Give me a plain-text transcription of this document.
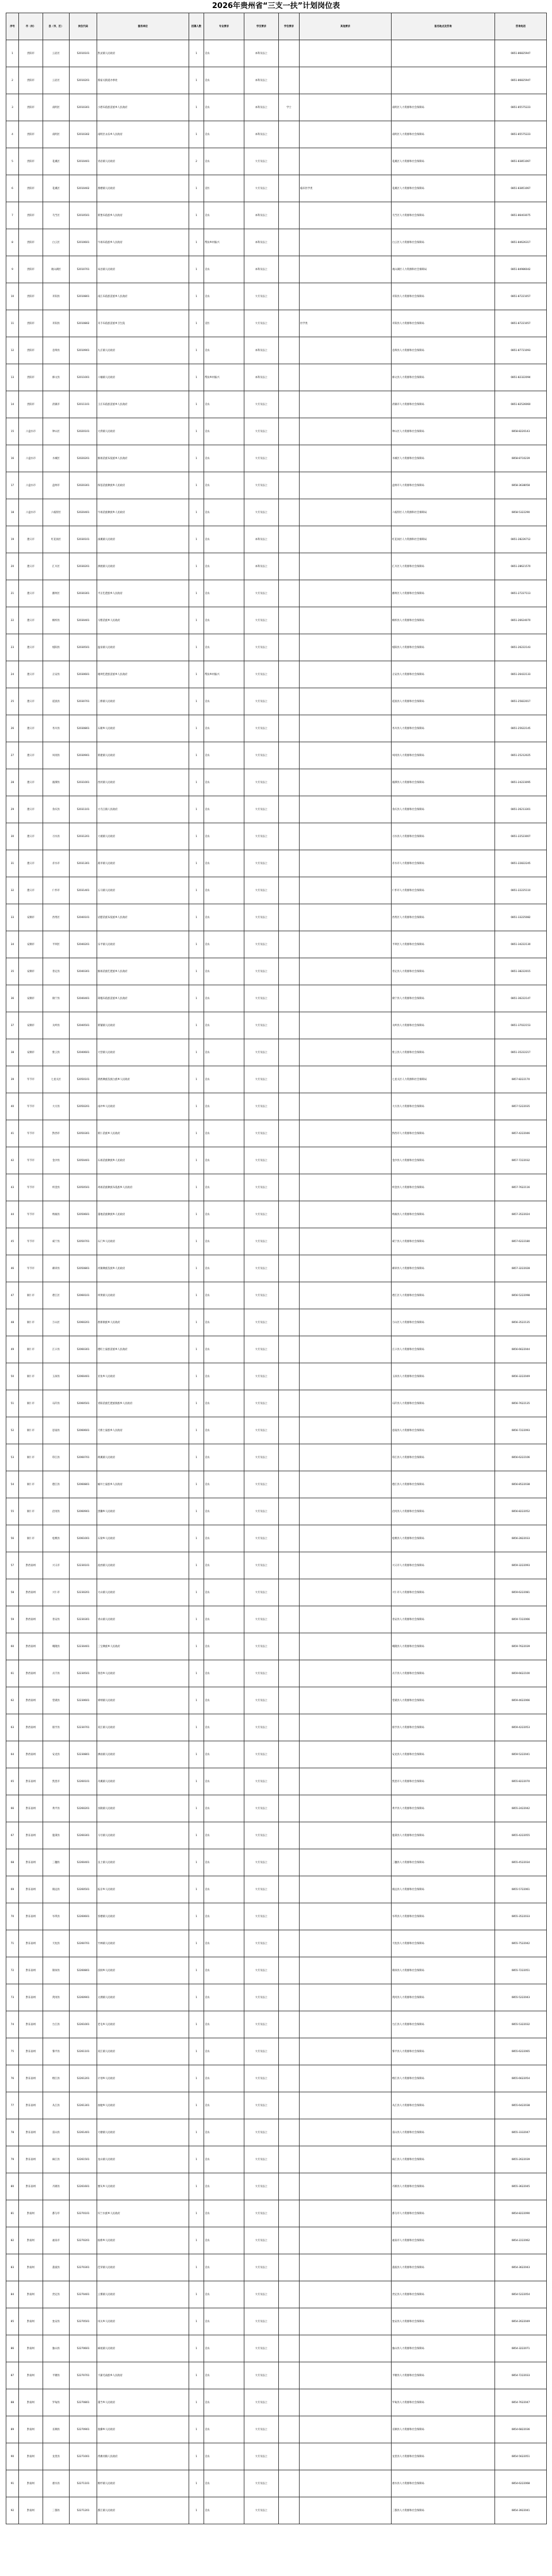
2026年贵州省“三支一扶”计划岗位表
序号	市（州）	县（市、区）	岗位代码	服务单位	招募人数	专业要求	学历要求	学位要求	其他要求	报名地点及咨询	咨询电话
1	贵阳市	云岩区	52010101	黔灵镇人民政府	1	支农	本科及以上				0851-86825947
2	贵阳市	云岩区	52010201	蔡家关街道办事处	1	支农	本科及以上				0851-86825947
3	贵阳市	南明区	52010301	小碧布依族苗族乡人民政府	1	支农	本科及以上	学士		南明区人力资源和社会保障局	0851-85575223
4	贵阳市	南明区	52010302	南明区永乐乡人民政府	1	支农	本科及以上			南明区人力资源和社会保障局	0851-85575223
5	贵阳市	花溪区	52010401	青岩镇人民政府	2	支农	大专及以上			花溪区人力资源和社会保障局	0851-83851067
6	贵阳市	花溪区	52010402	燕楼镇人民政府	1	支医	大专及以上		临床医学类	花溪区人力资源和社会保障局	0851-83851067
7	贵阳市	乌当区	52010501	新堡布依族乡人民政府	1	支农	本科及以上			乌当区人力资源和社会保障局	0851-86403075
8	贵阳市	白云区	52010601	牛场布依族乡人民政府	1	帮扶乡村振兴	本科及以上			白云区人力资源和社会保障局	0851-84626317
9	贵阳市	观山湖区	52010701	朱昌镇人民政府	1	支农	本科及以上			观山湖区人力资源和社会保障局	0851-84986042
10	贵阳市	开阳县	52010801	南江布依族苗族乡人民政府	1	支农	大专及以上			开阳县人力资源和社会保障局	0851-87221057
11	贵阳市	开阳县	52010802	禾丰布依族苗族乡卫生院	1	支医	大专及以上		医学类	开阳县人力资源和社会保障局	0851-87221057
12	贵阳市	息烽县	52010901	九庄镇人民政府	1	支农	本科及以上			息烽县人力资源和社会保障局	0851-87721093
13	贵阳市	修文县	52011001	六桶镇人民政府	1	帮扶乡村振兴	本科及以上			修文县人力资源和社会保障局	0851-82322094
14	贵阳市	清镇市	52011101	王庄布依族苗族乡人民政府	1	支农	大专及以上			清镇市人力资源和社会保障局	0851-82526060
15	六盘水市	钟山区	52020101	大湾镇人民政府	1	支农	大专及以上			钟山区人力资源和社会保障局	0858-8220143
16	六盘水市	水城区	52020201	猴场苗族布依族乡人民政府	1	支农	大专及以上			水城区人力资源和社会保障局	0858-8710239
17	六盘水市	盘州市	52020301	保基苗族彝族乡人民政府	1	支农	大专及以上			盘州市人力资源和社会保障局	0858-3638058
18	六盘水市	六枝特区	52020401	牛场苗族彝族乡人民政府	1	支农	大专及以上			六枝特区人力资源和社会保障局	0858-5322290
19	遵义市	红花岗区	52030101	深溪镇人民政府	1	支农	本科及以上			红花岗区人力资源和社会保障局	0851-28226712
20	遵义市	汇川区	52030201	泗渡镇人民政府	1	支农	本科及以上			汇川区人力资源和社会保障局	0851-28621570
21	遵义市	播州区	52030301	平正仡佬族乡人民政府	1	支农	大专及以上			播州区人力资源和社会保障局	0851-27227113
22	遵义市	桐梓县	52030401	马鬃苗族乡人民政府	1	支农	大专及以上			桐梓县人力资源和社会保障局	0851-26624070
23	遵义市	绥阳县	52030501	温泉镇人民政府	1	支农	大专及以上			绥阳县人力资源和社会保障局	0851-26222143
24	遵义市	正安县	52030601	谢坝仡佬族苗族乡人民政府	1	帮扶乡村振兴	大专及以上			正安县人力资源和社会保障局	0851-26422133
25	遵义市	道真县	52030701	三桥镇人民政府	1	支农	大专及以上			道真县人力资源和社会保障局	0851-25822017
26	遵义市	务川县	52030801	石朝乡人民政府	1	支农	大专及以上			务川县人力资源和社会保障局	0851-25622145
27	遵义市	凤冈县	52030901	新建镇人民政府	1	支农	大专及以上			凤冈县人力资源和社会保障局	0851-25212025
28	遵义市	湄潭县	52031001	西河镇人民政府	1	支农	大专及以上			湄潭县人力资源和社会保障局	0851-24223095
29	遵义市	余庆县	52031101	大乌江镇人民政府	1	支农	大专及以上			余庆县人力资源和社会保障局	0851-26213301
30	遵义市	习水县	52031201	大坡镇人民政府	1	支农	大专及以上			习水县人力资源和社会保障局	0851-22523007
31	遵义市	赤水市	52031301	葫市镇人民政府	1	支农	大专及以上			赤水市人力资源和社会保障局	0851-22822245
32	遵义市	仁怀市	52031401	五马镇人民政府	1	支农	大专及以上			仁怀市人力资源和社会保障局	0851-22225110
33	安顺市	西秀区	52040101	岩腊苗族布依族乡人民政府	1	支农	大专及以上			西秀区人力资源和社会保障局	0851-33225082
34	安顺市	平坝区	52040201	乐平镇人民政府	1	支农	大专及以上			平坝区人力资源和社会保障局	0851-34222130
35	安顺市	普定县	52040301	猴场苗族仡佬族乡人民政府	1	支农	大专及以上			普定县人力资源和社会保障局	0851-38222015
36	安顺市	镇宁县	52040401	简嘎布依族苗族乡人民政府	1	支农	大专及以上			镇宁县人力资源和社会保障局	0851-36222147
37	安顺市	关岭县	52040501	新铺镇人民政府	1	支农	大专及以上			关岭县人力资源和社会保障局	0851-37022153
38	安顺市	紫云县	52040601	大营镇人民政府	1	支农	大专及以上			紫云县人力资源和社会保障局	0851-35222217
39	毕节市	七星关区	52050101	阴底彝族苗族白族乡人民政府	1	支农	大专及以上			七星关区人力资源和社会保障局	0857-8222170
40	毕节市	大方县	52050201	雨冲乡人民政府	1	支农	大专及以上			大方县人力资源和社会保障局	0857-5222035
41	毕节市	黔西市	52050301	新仁苗族乡人民政府	1	支农	大专及以上			黔西市人力资源和社会保障局	0857-4222046
42	毕节市	金沙县	52050401	石场苗族彝族乡人民政府	1	支农	大专及以上			金沙县人力资源和社会保障局	0857-7222032
43	毕节市	织金县	52050501	鸡场苗族彝族布依族乡人民政府	1	支农	大专及以上			织金县人力资源和社会保障局	0857-7622116
44	毕节市	纳雍县	52050601	董地苗族彝族乡人民政府	1	支农	大专及以上			纳雍县人力资源和社会保障局	0857-3522024
45	毕节市	威宁县	52050701	石门乡人民政府	1	支农	大专及以上			威宁县人力资源和社会保障局	0857-6222180
46	毕节市	赫章县	52050801	河镇彝族苗族乡人民政府	1	支农	大专及以上			赫章县人力资源和社会保障局	0857-3222028
47	铜仁市	碧江区	52060101	坝黄镇人民政府	1	支农	大专及以上			碧江区人力资源和社会保障局	0856-5222098
48	铜仁市	万山区	52060201	敖寨侗族乡人民政府	1	支农	大专及以上			万山区人力资源和社会保障局	0856-3522135
49	铜仁市	江口县	52060301	德旺土家族苗族乡人民政府	1	支农	大专及以上			江口县人力资源和社会保障局	0856-6622044
50	铜仁市	玉屏县	52060401	亚鱼乡人民政府	1	支农	大专及以上			玉屏县人力资源和社会保障局	0856-3222049
51	铜仁市	石阡县	52060501	青阳苗族仡佬族侗族乡人民政府	1	支农	大专及以上			石阡县人力资源和社会保障局	0856-7622135
52	铜仁市	思南县	52060601	天桥土家族乡人民政府	1	支农	大专及以上			思南县人力资源和社会保障局	0856-7222093
53	铜仁市	印江县	52060701	朗溪镇人民政府	1	支农	大专及以上			印江县人力资源和社会保障局	0856-6222106
54	铜仁市	德江县	52060801	桶井土家族乡人民政府	1	支农	大专及以上			德江县人力资源和社会保障局	0856-8522038
55	铜仁市	沿河县	52060901	黑獭乡人民政府	1	支农	大专及以上			沿河县人力资源和社会保障局	0856-8222052
56	铜仁市	松桃县	52061001	石梁乡人民政府	1	支农	大专及以上			松桃县人力资源和社会保障局	0856-2822033
57	黔西南州	兴义市	52230101	泥凼镇人民政府	1	支农	大专及以上			兴义市人力资源和社会保障局	0859-3222093
58	黔西南州	兴仁市	52230201	大山镇人民政府	1	支农	大专及以上			兴仁市人力资源和社会保障局	0859-6222081
59	黔西南州	普安县	52230301	青山镇人民政府	1	支农	大专及以上			普安县人力资源和社会保障局	0859-7222066
60	黔西南州	晴隆县	52230401	三宝彝族乡人民政府	1	支农	大专及以上			晴隆县人力资源和社会保障局	0859-7622039
61	黔西南州	贞丰县	52230501	鲁容乡人民政府	1	支农	大专及以上			贞丰县人力资源和社会保障局	0859-6622100
62	黔西南州	望谟县	52230601	郊纳镇人民政府	1	支农	大专及以上			望谟县人力资源和社会保障局	0859-4622066
63	黔西南州	册亨县	52230701	双江镇人民政府	1	支农	大专及以上			册亨县人力资源和社会保障局	0859-4222053
64	黔西南州	安龙县	52230801	洒雨镇人民政府	1	支农	大专及以上			安龙县人力资源和社会保障局	0859-5222041
65	黔东南州	凯里市	52260101	舟溪镇人民政府	1	支农	大专及以上			凯里市人力资源和社会保障局	0855-8222070
66	黔东南州	黄平县	52260201	谷陇镇人民政府	1	支农	大专及以上			黄平县人力资源和社会保障局	0855-2422042
67	黔东南州	施秉县	52260301	马号镇人民政府	1	支农	大专及以上			施秉县人力资源和社会保障局	0855-4222055
68	黔东南州	三穗县	52260401	良上镇人民政府	1	支农	大专及以上			三穗县人力资源和社会保障局	0855-4522034
69	黔东南州	镇远县	52260501	报京乡人民政府	1	支农	大专及以上			镇远县人力资源和社会保障局	0855-5722061
70	黔东南州	岑巩县	52260601	客楼镇人民政府	1	支农	大专及以上			岑巩县人力资源和社会保障局	0855-3522033
71	黔东南州	天柱县	52260701	竹林镇人民政府	1	支农	大专及以上			天柱县人力资源和社会保障局	0855-7522042
72	黔东南州	锦屏县	52260801	彦洞乡人民政府	1	支农	大专及以上			锦屏县人力资源和社会保障局	0855-7222051
73	黔东南州	剑河县	52260901	太拥镇人民政府	1	支农	大专及以上			剑河县人力资源和社会保障局	0855-5222043
74	黔东南州	台江县	52261001	老屯乡人民政府	1	支农	大专及以上			台江县人力资源和社会保障局	0855-5322032
75	黔东南州	黎平县	52261101	双江镇人民政府	1	支农	大专及以上			黎平县人力资源和社会保障局	0855-6222065
76	黔东南州	榕江县	52261201	计划乡人民政府	1	支农	大专及以上			榕江县人力资源和社会保障局	0855-6622054
77	黔东南州	从江县	52261301	加勉乡人民政府	1	支农	大专及以上			从江县人力资源和社会保障局	0855-6422038
78	黔东南州	雷山县	52261401	大塘镇人民政府	1	支农	大专及以上			雷山县人力资源和社会保障局	0855-3332047
79	黔东南州	麻江县	52261501	龙山镇人民政府	1	支农	大专及以上			麻江县人力资源和社会保障局	0855-2622039
80	黔东南州	丹寨县	52261601	雅灰乡人民政府	1	支农	大专及以上			丹寨县人力资源和社会保障局	0855-3622045
81	黔南州	都匀市	52270101	归兰水族乡人民政府	1	支农	大专及以上			都匀市人力资源和社会保障局	0854-8222090
82	黔南州	福泉市	52270201	仙桥乡人民政府	1	支农	大专及以上			福泉市人力资源和社会保障局	0854-2222062
83	黔南州	荔波县	52270301	佳荣镇人民政府	1	支农	大专及以上			荔波县人力资源和社会保障局	0854-3622043
84	黔南州	贵定县	52270401	云雾镇人民政府	1	支农	大专及以上			贵定县人力资源和社会保障局	0854-5222054
85	黔南州	瓮安县	52270501	岚关乡人民政府	1	支农	大专及以上			瓮安县人力资源和社会保障局	0854-2622049
86	黔南州	独山县	52270601	麻尾镇人民政府	1	支农	大专及以上			独山县人力资源和社会保障局	0854-3222071
87	黔南州	平塘县	52270701	卡蒲毛南族乡人民政府	1	支农	大专及以上			平塘县人力资源和社会保障局	0854-7222033
88	黔南州	罗甸县	52270801	董当乡人民政府	1	支农	大专及以上			罗甸县人力资源和社会保障局	0854-7622047
89	黔南州	长顺县	52270901	敦操乡人民政府	1	支农	大专及以上			长顺县人力资源和社会保障局	0854-6822036
90	黔南州	龙里县	52271001	湾滩河镇人民政府	1	支农	大专及以上			龙里县人力资源和社会保障局	0854-5622051
91	黔南州	惠水县	52271101	断杉镇人民政府	1	支农	大专及以上			惠水县人力资源和社会保障局	0854-6222068
92	黔南州	三都县	52271201	都江镇人民政府	1	支农	大专及以上			三都县人力资源和社会保障局	0854-3922041
